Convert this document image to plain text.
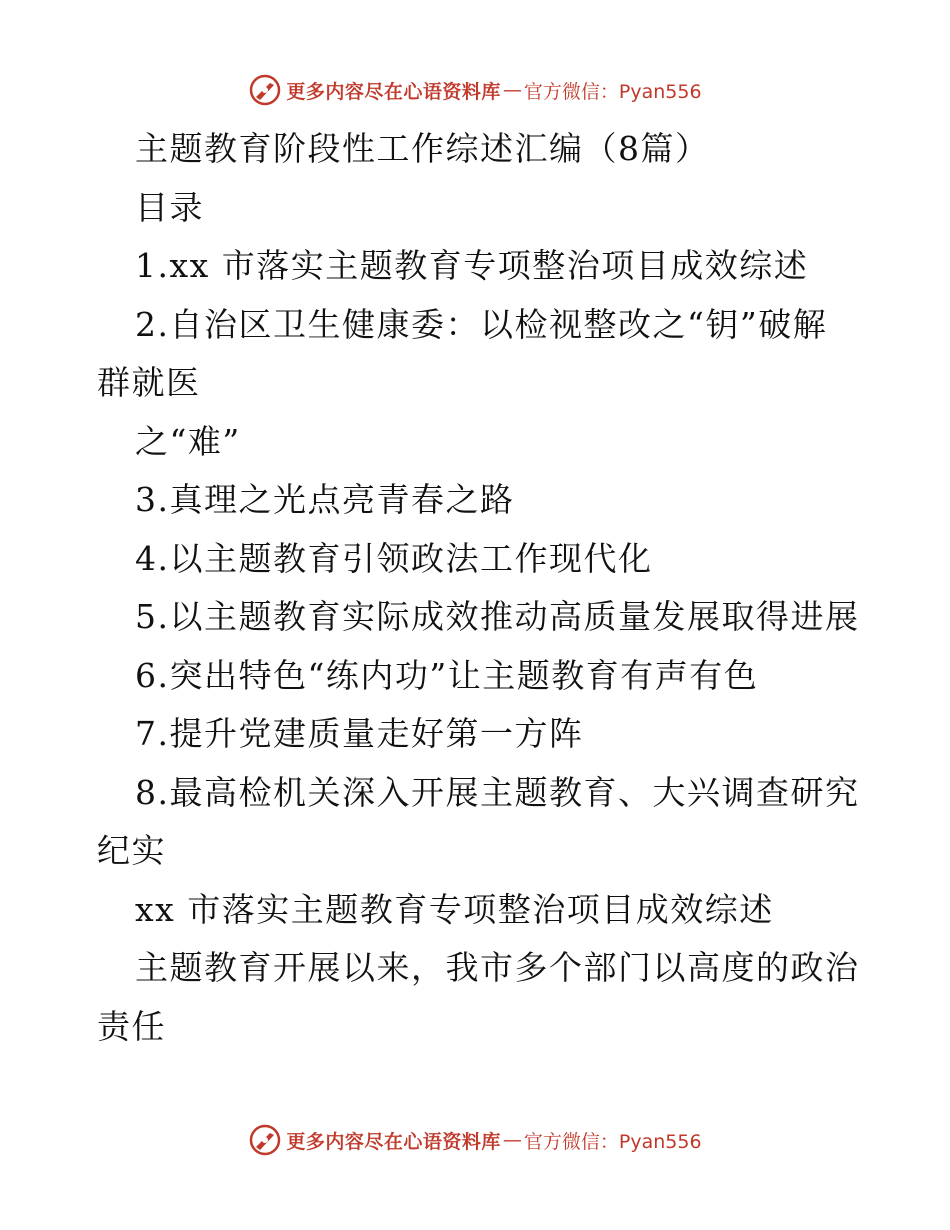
更多内容尽在心语资料库 — 官方微信：Pyan556
主题教育阶段性工作综述汇编（8篇）
目录
1.xx 市落实主题教育专项整治项目成效综述
2.自治区卫生健康委：以检视整改之“钥”破解
群就医
之“难”
3.真理之光点亮青春之路
4.以主题教育引领政法工作现代化
5.以主题教育实际成效推动高质量发展取得进展
6.突出特色“练内功”让主题教育有声有色
7.提升党建质量走好第一方阵
8.最高检机关深入开展主题教育、大兴调查研究
纪实
xx 市落实主题教育专项整治项目成效综述
主题教育开展以来，我市多个部门以高度的政治
责任
更多内容尽在心语资料库 — 官方微信：Pyan556
